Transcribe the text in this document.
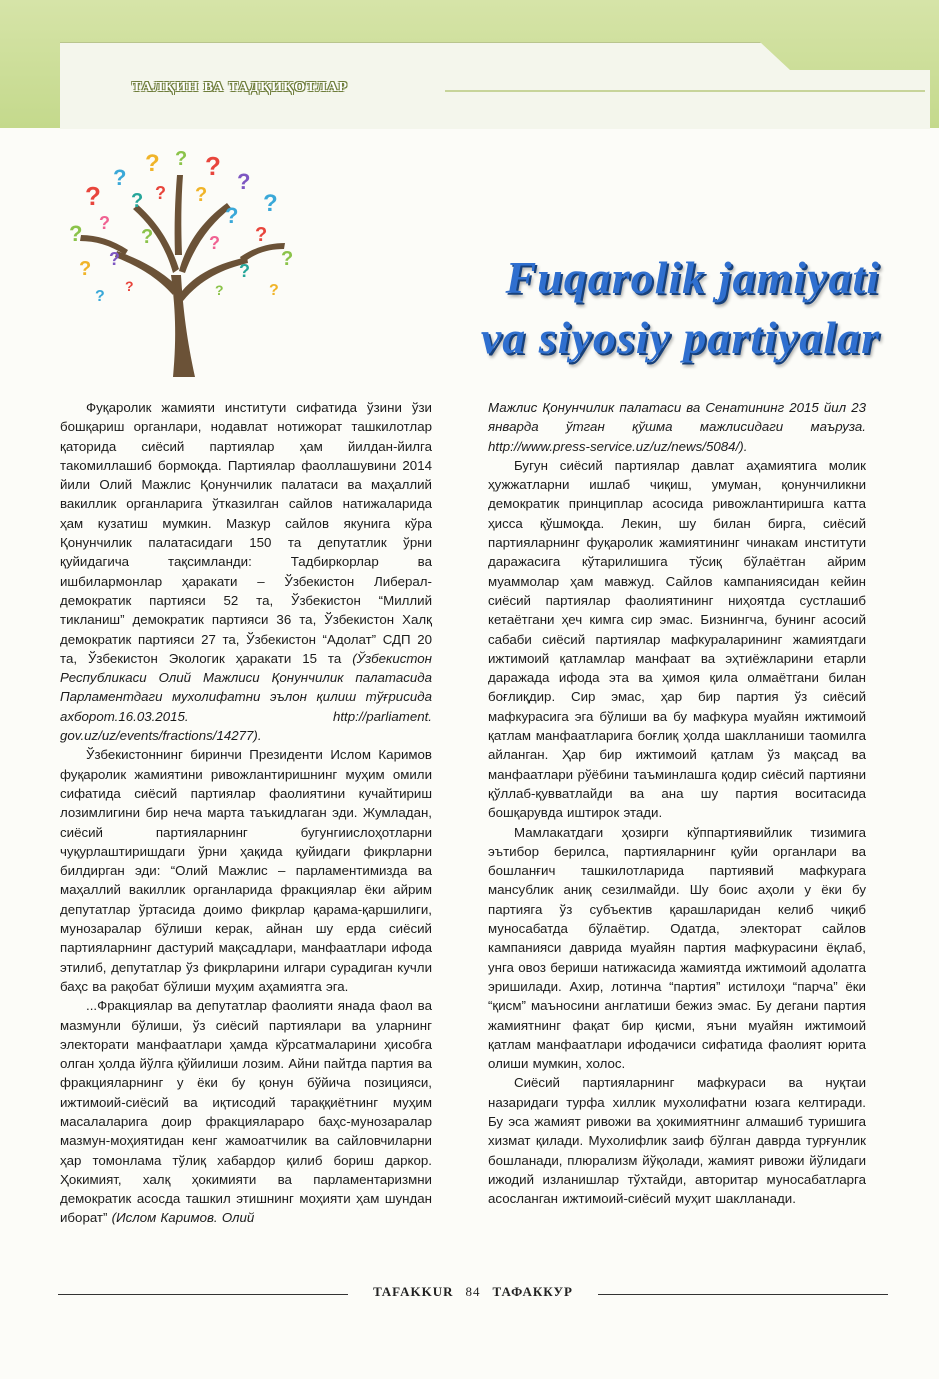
ТАЛҚИН ВА ТАДҚИҚОТЛАР
?
?
? ? ?
?
?
? ?
? ? ?
?
?
?
? ?
?	?
?
?
?
?	?	Fuqarolik jamiyati
va siyosiy partiyalar

Фуқаролик жамияти институти сифатида ўзини ўзи бошқариш органлари, нодавлат нотижорат ташкилотлар қаторида сиёсий партиялар ҳам йилдан-йилга такомиллашиб бормоқда. Партиялар фаоллашувини 2014 йили Олий Мажлис Қонунчилик палатаси ва маҳаллий вакиллик органларига ўтказилган сайлов натижаларида ҳам кузатиш мумкин. Мазкур сайлов якунига кўра Қонунчилик палатасидаги 150 та депутатлик ўрни қуйидагича тақсимланди: Тадбиркорлар ва ишбилармонлар ҳаракати – Ўзбекистон Либерал-демократик партияси 52 та, Ўзбекистон “Миллий тикланиш” демократик партияси 36 та, Ўзбекистон Халқ демократик партияси 27 та, Ўзбекистон “Адолат” СДП 20 та, Ўзбекистон Экологик ҳаракати 15 та (Ўзбекистон Республикаси Олий Мажлиси Қонунчилик палатасида Парламентдаги мухолифатни эълон қилиш тўғрисида ахборот.16.03.2015. http://parliament. gov.uz/uz/events/fractions/14277).

Ўзбекистоннинг биринчи Президенти Ислом Каримов фуқаролик жамиятини ривожлантиришнинг муҳим омили сифатида сиёсий партиялар фаолиятини кучайтириш лозимлигини бир неча марта таъкидлаган эди. Жумладан, сиёсий партияларнинг бугунгиислоҳотларни чуқурлаштиришдаги ўрни ҳақида қуйидаги фикрларни билдирган эди: “Олий Мажлис – парламентимизда ва маҳаллий вакиллик органларида фракциялар ёки айрим депутатлар ўртасида доимо фикрлар қарама-қаршилиги, мунозаралар бўлиши керак, айнан шу ерда сиёсий партияларнинг дастурий мақсадлари, манфаатлари ифода этилиб, депутатлар ўз фикрларини илгари сурадиган кучли баҳс ва рақобат бўлиши муҳим аҳамиятга эга.

...Фракциялар ва депутатлар фаолияти янада фаол ва мазмунли бўлиши, ўз сиёсий партиялари ва уларнинг электорати манфаатлари ҳамда кўрсатмаларини ҳисобга олган ҳолда йўлга қўйилиши лозим. Айни пайтда партия ва фракцияларнинг у ёки бу қонун бўйича позицияси, ижтимоий-сиёсий ва иқтисодий тараққиётнинг муҳим масалаларига доир фракцияларaро баҳс-мунозаралар мазмун-моҳиятидан кенг жамоатчилик ва сайловчиларни ҳар томонлама тўлиқ хабардор қилиб бориш даркор. Ҳокимият, халқ ҳокимияти ва парламентаризмни демократик асосда ташкил этишнинг моҳияти ҳам шундан иборат” (Ислом Каримов. Олий

Мажлис Қонунчилик палатаси ва Сенатининг 2015 йил 23 январда ўтган қўшма мажлисидаги маъруза. http://www.press-service.uz/uz/news/5084/).

Бугун сиёсий партиялар давлат аҳамиятига молик ҳужжатларни ишлаб чиқиш, умуман, қонунчиликни демократик принциплар асосида ривожлантиришга катта ҳисса қўшмоқда. Лекин, шу билан бирга, сиёсий партияларнинг фуқаролик жамиятининг чинакам институти даражасига кўтарилишига тўсиқ бўлаётган айрим муаммолар ҳам мавжуд. Сайлов кампаниясидан кейин сиёсий партиялар фаолиятининг ниҳоятда сустлашиб кетаётгани ҳеч кимга сир эмас. Бизнингча, бунинг асосий сабаби сиёсий партиялар мафкураларининг жамиятдаги ижтимоий қатламлар манфаат ва эҳтиёжларини етарли даражада ифода эта ва ҳимоя қила олмаётгани билан боғлиқдир. Сир эмас, ҳар бир партия ўз сиёсий мафкурасига эга бўлиши ва бу мафкура муайян ижтимоий қатлам манфаатларига боғлиқ ҳолда шаклланиши таомилга айланган. Ҳар бир ижтимоий қатлам ўз мақсад ва манфаатлари рўёбини таъминлашга қодир сиёсий партияни қўллаб-қувватлайди ва ана шу партия воситасида бошқарувда иштирок этади.

Мамлакатдаги ҳозирги кўппартиявийлик тизимига эътибор берилса, партияларнинг қуйи органлари ва бошланғич ташкилотларида партиявий мафкурага мансублик аниқ сезилмайди. Шу боис аҳоли у ёки бу партияга ўз субъектив қарашларидан келиб чиқиб муносабатда бўлаётир. Одатда, электорат сайлов кампанияси даврида муайян партия мафкурасини ёқлаб, унга овоз бериши натижасида жамиятда ижтимоий адолатга эришилади. Ахир, лотинча “партия” истилоҳи “парча” ёки “қисм” маъносини англатиши бежиз эмас. Бу дегани партия жамиятнинг фақат бир қисми, яъни муайян ижтимоий қатлам манфаатлари ифодачиси сифатида фаолият юрита олиши мумкин, холос.

Сиёсий партияларнинг мафкураси ва нуқтаи назаридаги турфа хиллик мухолифатни юзага келтиради. Бу эса жамият ривожи ва ҳокимиятнинг алмашиб туришига хизмат қилади. Мухолифлик заиф бўлган даврда турғунлик бошланади, плюрализм йўқолади, жамият ривожи йўлидаги ижодий изланишлар тўхтайди, авторитар муносабатларга асосланган ижтимоий-сиёсий муҳит шаклланади.

TAFAKKUR 84 ТАФАККУР
